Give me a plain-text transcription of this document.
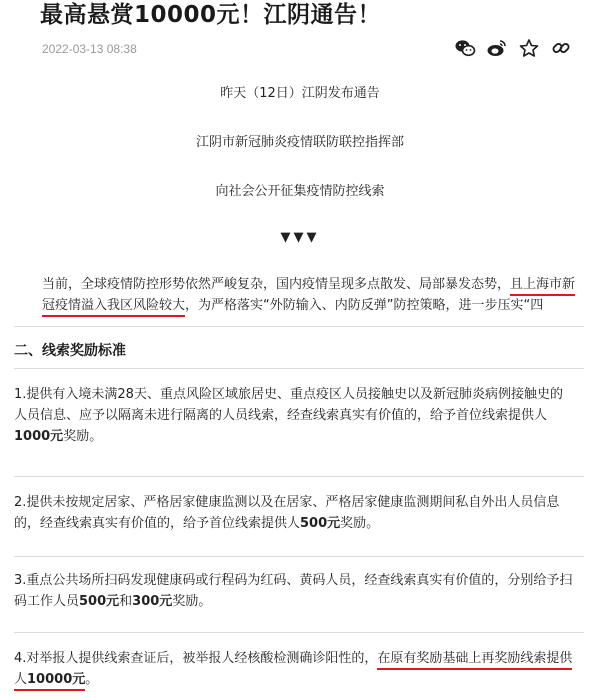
最高悬赏10000元！江阴通告！
2022-03-13 08:38
昨天（12日）江阴发布通告
江阴市新冠肺炎疫情联防联控指挥部
向社会公开征集疫情防控线索
▼▼▼

当前，全球疫情防控形势依然严峻复杂，国内疫情呈现多点散发、局部暴发态势，且上海市新冠疫情溢入我区风险较大，为严格落实“外防输入、内防反弹”防控策略，进一步压实“四

二、线索奖励标准

1.提供有入境未满28天、重点风险区域旅居史、重点疫区人员接触史以及新冠肺炎病例接触史的人员信息、应予以隔离未进行隔离的人员线索，经查线索真实有价值的，给予首位线索提供人1000元奖励。

2.提供未按规定居家、严格居家健康监测以及在居家、严格居家健康监测期间私自外出人员信息的，经查线索真实有价值的，给予首位线索提供人500元奖励。

3.重点公共场所扫码发现健康码或行程码为红码、黄码人员，经查线索真实有价值的，分别给予扫码工作人员500元和300元奖励。

4.对举报人提供线索查证后，被举报人经核酸检测确诊阳性的，在原有奖励基础上再奖励线索提供人10000元。
